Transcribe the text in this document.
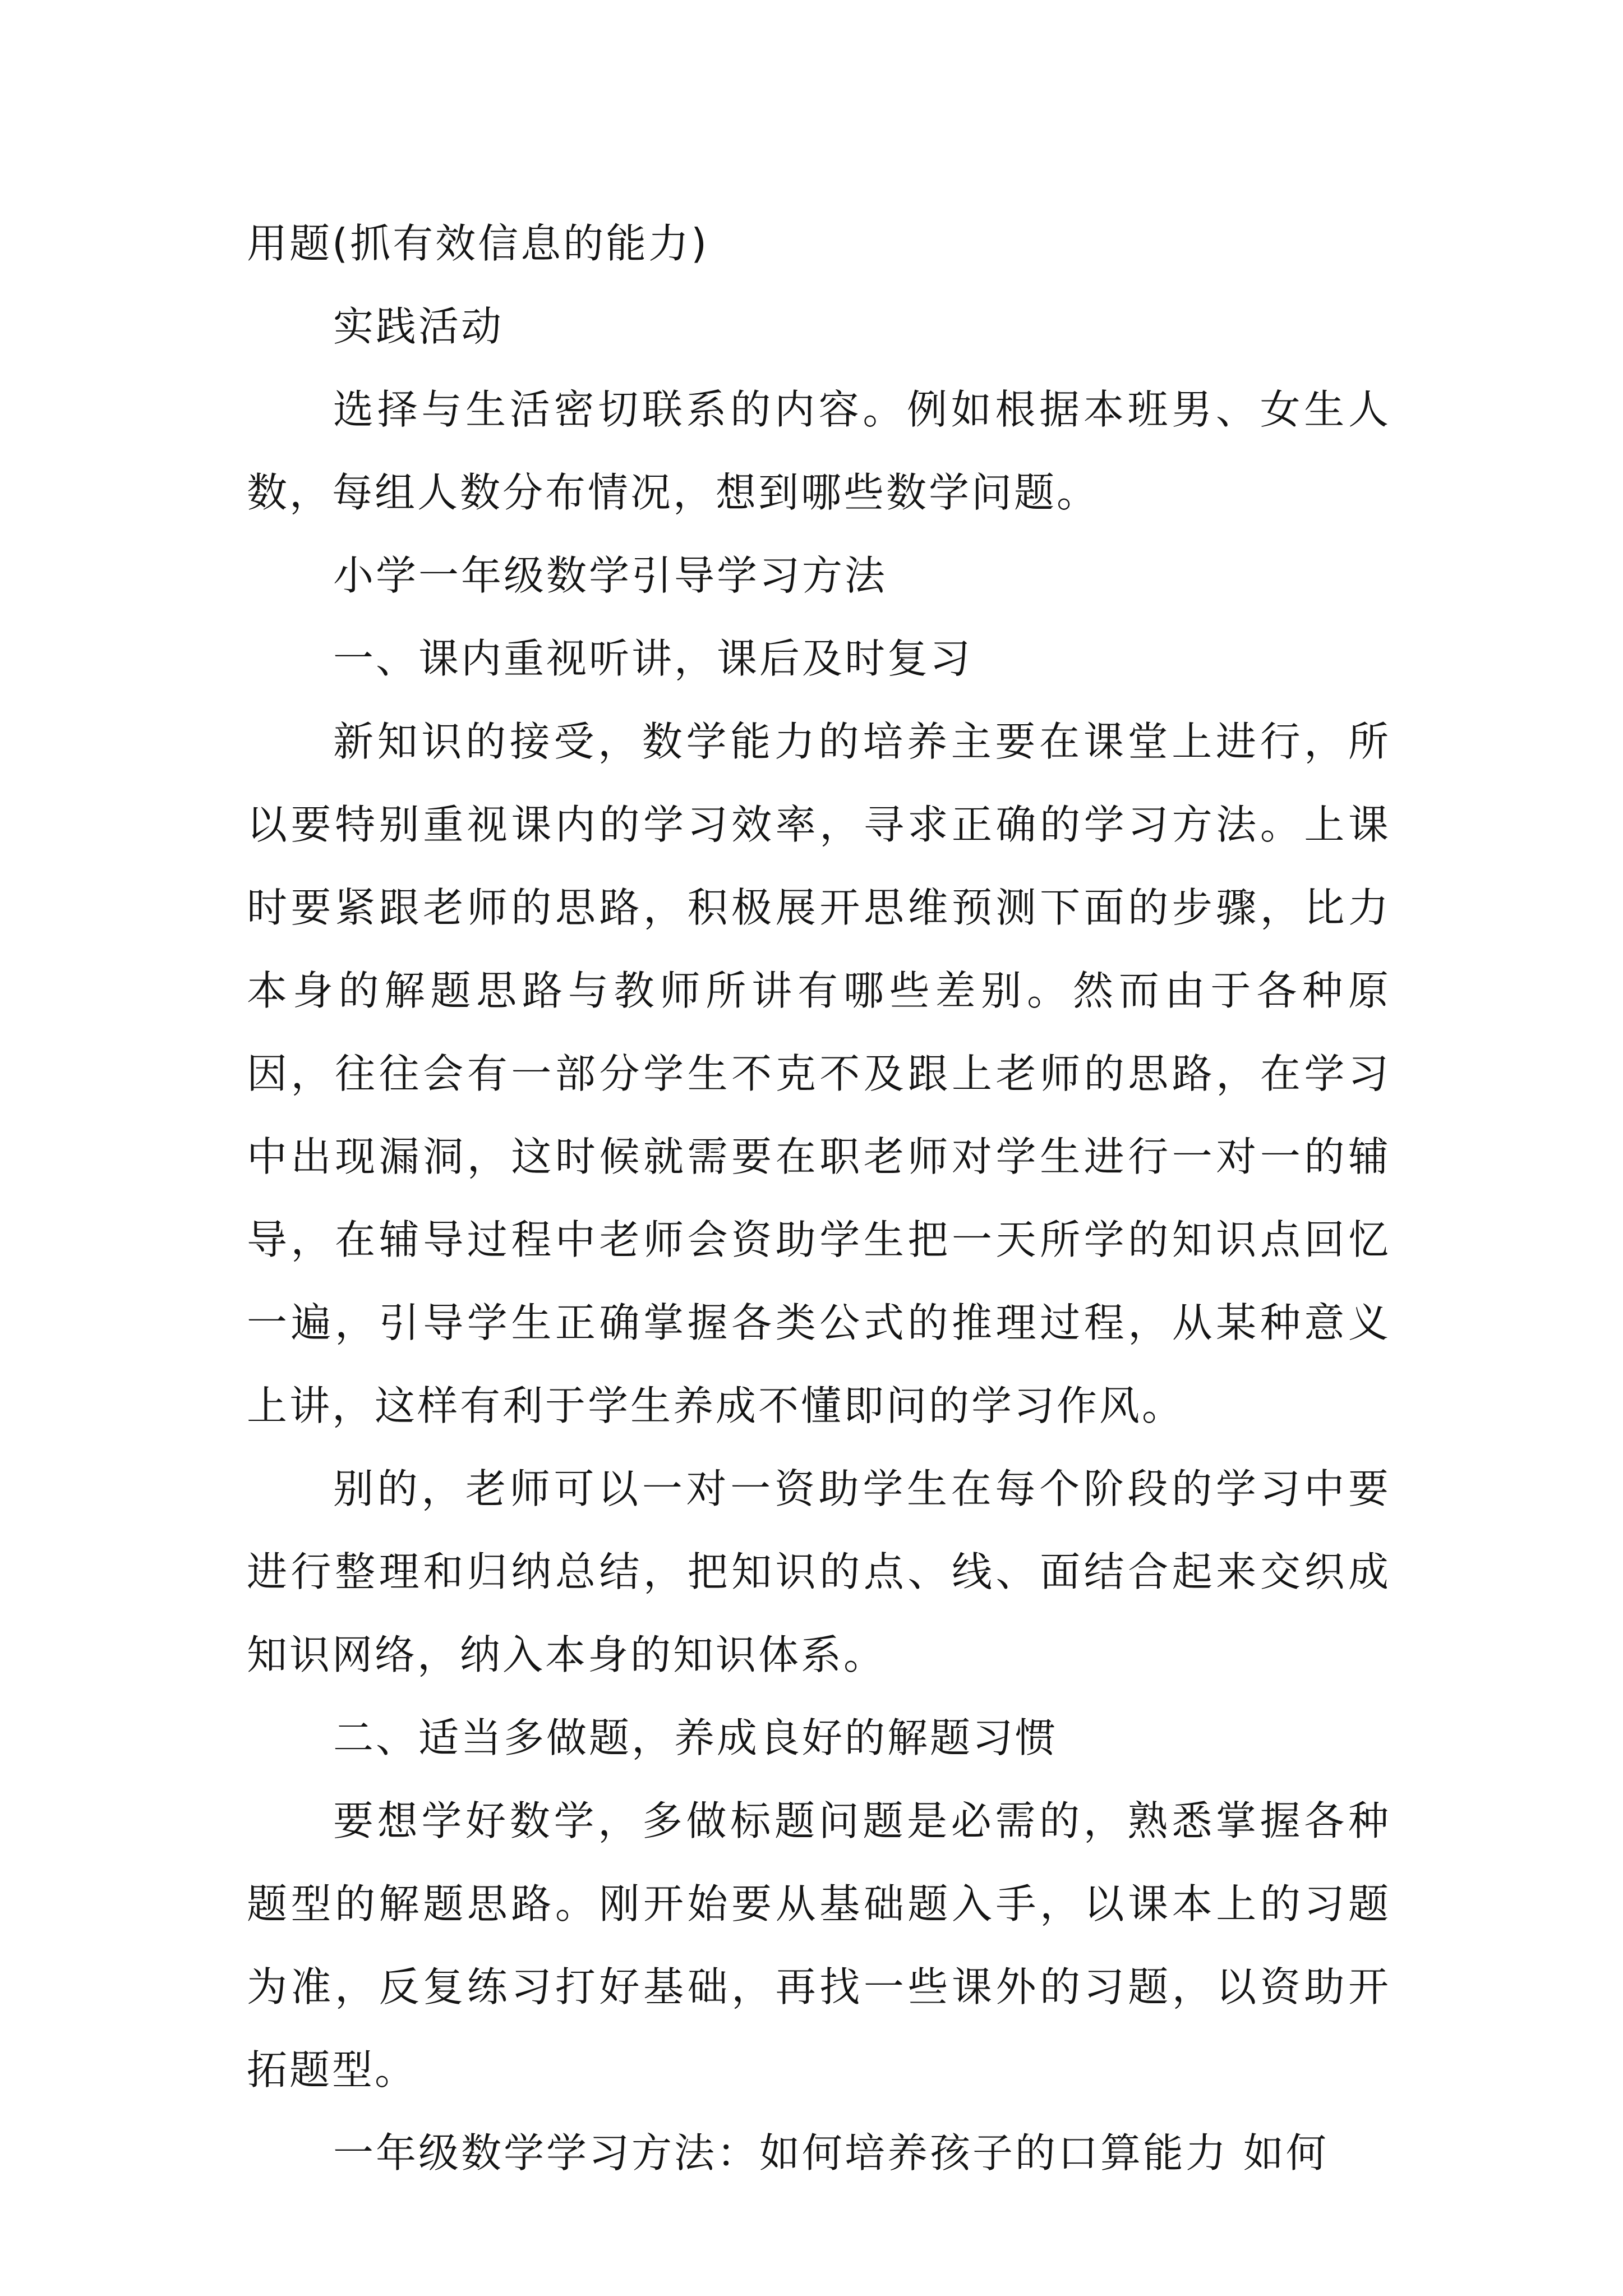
用题(抓有效信息的能力)

实践活动

选择与生活密切联系的内容。例如根据本班男、女生人数，每组人数分布情况，想到哪些数学问题。

小学一年级数学引导学习方法

一、课内重视听讲，课后及时复习

新知识的接受，数学能力的培养主要在课堂上进行，所以要特别重视课内的学习效率，寻求正确的学习方法。上课时要紧跟老师的思路，积极展开思维预测下面的步骤，比力本身的解题思路与教师所讲有哪些差别。然而由于各种原因，往往会有一部分学生不克不及跟上老师的思路，在学习中出现漏洞，这时候就需要在职老师对学生进行一对一的辅导，在辅导过程中老师会资助学生把一天所学的知识点回忆一遍，引导学生正确掌握各类公式的推理过程，从某种意义上讲，这样有利于学生养成不懂即问的学习作风。

别的，老师可以一对一资助学生在每个阶段的学习中要进行整理和归纳总结，把知识的点、线、面结合起来交织成知识网络，纳入本身的知识体系。

二、适当多做题，养成良好的解题习惯

要想学好数学，多做标题问题是必需的，熟悉掌握各种题型的解题思路。刚开始要从基础题入手，以课本上的习题为准，反复练习打好基础，再找一些课外的习题，以资助开拓题型。

一年级数学学习方法：如何培养孩子的口算能力 如何
